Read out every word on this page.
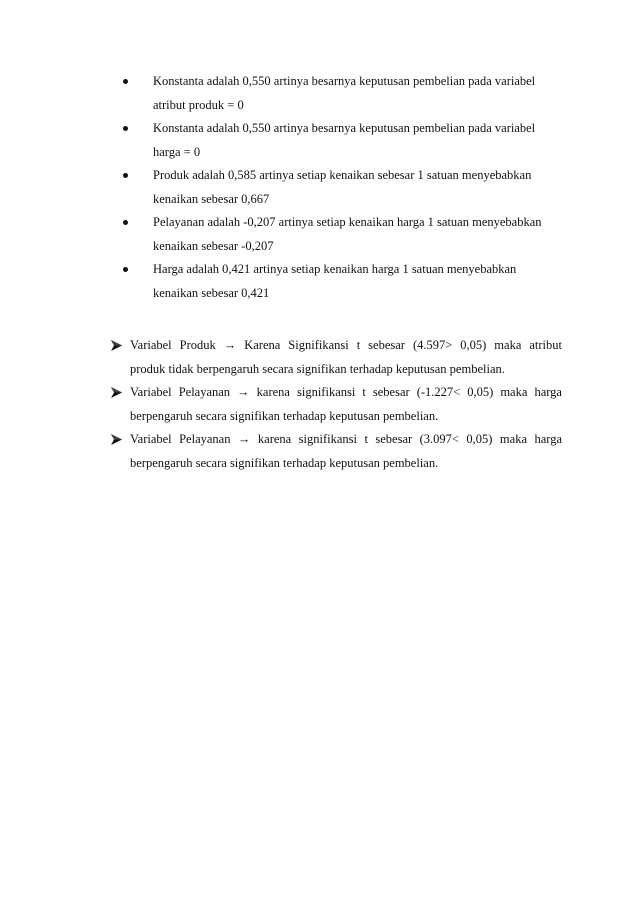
Konstanta adalah 0,550 artinya besarnya keputusan pembelian pada variabel
atribut produk = 0
Konstanta adalah 0,550 artinya besarnya keputusan pembelian pada variabel
harga = 0
Produk adalah 0,585 artinya setiap kenaikan sebesar 1 satuan menyebabkan
kenaikan sebesar 0,667
Pelayanan adalah -0,207 artinya setiap kenaikan harga 1 satuan menyebabkan
kenaikan sebesar -0,207
Harga adalah 0,421 artinya setiap kenaikan harga 1 satuan menyebabkan
kenaikan sebesar 0,421
Variabel Produk → Karena Signifikansi t sebesar (4.597> 0,05) maka atribut
produk tidak berpengaruh secara signifikan terhadap keputusan pembelian.
Variabel Pelayanan → karena signifikansi t sebesar (-1.227< 0,05) maka harga
berpengaruh secara signifikan terhadap keputusan pembelian.
Variabel Pelayanan → karena signifikansi t sebesar (3.097< 0,05) maka harga
berpengaruh secara signifikan terhadap keputusan pembelian.
